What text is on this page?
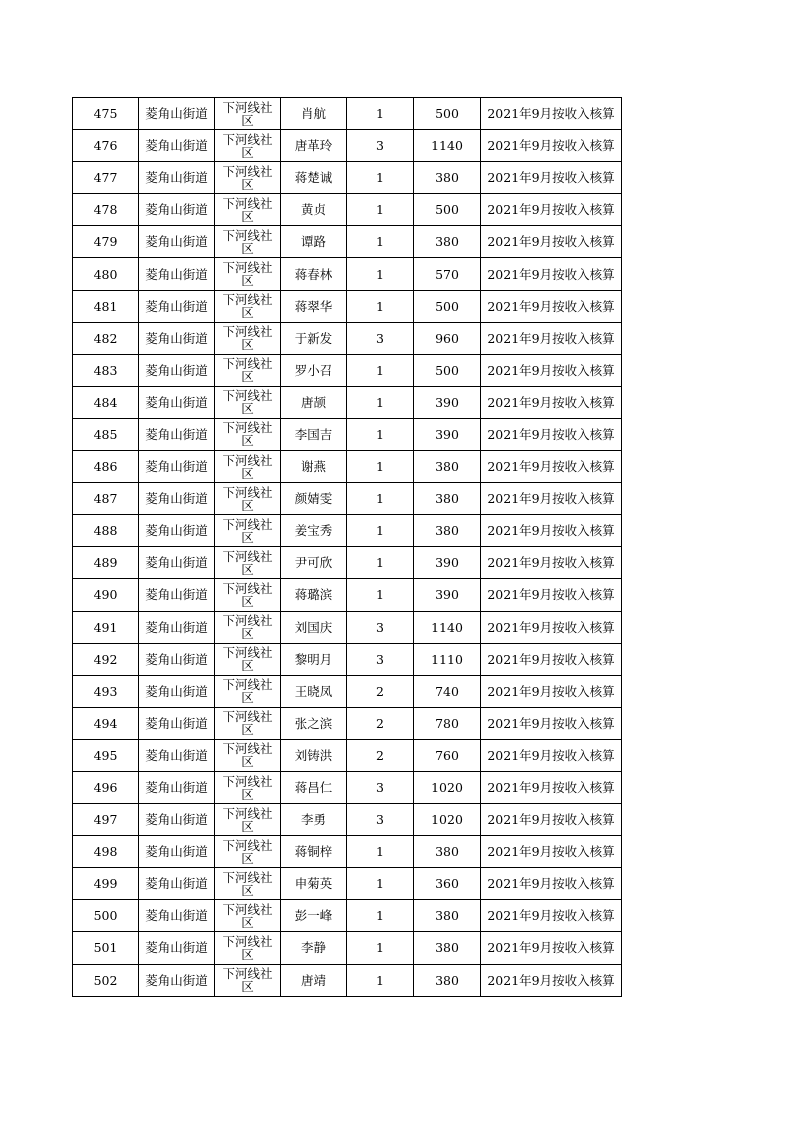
475	菱角山街道	下河线社区	肖航	1	500	2021年9月按收入核算
476	菱角山街道	下河线社区	唐革玲	3	1140	2021年9月按收入核算
477	菱角山街道	下河线社区	蒋楚诚	1	380	2021年9月按收入核算
478	菱角山街道	下河线社区	黄贞	1	500	2021年9月按收入核算
479	菱角山街道	下河线社区	谭路	1	380	2021年9月按收入核算
480	菱角山街道	下河线社区	蒋春林	1	570	2021年9月按收入核算
481	菱角山街道	下河线社区	蒋翠华	1	500	2021年9月按收入核算
482	菱角山街道	下河线社区	于新发	3	960	2021年9月按收入核算
483	菱角山街道	下河线社区	罗小召	1	500	2021年9月按收入核算
484	菱角山街道	下河线社区	唐颉	1	390	2021年9月按收入核算
485	菱角山街道	下河线社区	李国吉	1	390	2021年9月按收入核算
486	菱角山街道	下河线社区	谢燕	1	380	2021年9月按收入核算
487	菱角山街道	下河线社区	颜婧雯	1	380	2021年9月按收入核算
488	菱角山街道	下河线社区	姜宝秀	1	380	2021年9月按收入核算
489	菱角山街道	下河线社区	尹可欣	1	390	2021年9月按收入核算
490	菱角山街道	下河线社区	蒋璐滨	1	390	2021年9月按收入核算
491	菱角山街道	下河线社区	刘国庆	3	1140	2021年9月按收入核算
492	菱角山街道	下河线社区	黎明月	3	1110	2021年9月按收入核算
493	菱角山街道	下河线社区	王晓凤	2	740	2021年9月按收入核算
494	菱角山街道	下河线社区	张之滨	2	780	2021年9月按收入核算
495	菱角山街道	下河线社区	刘铸洪	2	760	2021年9月按收入核算
496	菱角山街道	下河线社区	蒋昌仁	3	1020	2021年9月按收入核算
497	菱角山街道	下河线社区	李勇	3	1020	2021年9月按收入核算
498	菱角山街道	下河线社区	蒋铜梓	1	380	2021年9月按收入核算
499	菱角山街道	下河线社区	申菊英	1	360	2021年9月按收入核算
500	菱角山街道	下河线社区	彭一峰	1	380	2021年9月按收入核算
501	菱角山街道	下河线社区	李静	1	380	2021年9月按收入核算
502	菱角山街道	下河线社区	唐靖	1	380	2021年9月按收入核算
